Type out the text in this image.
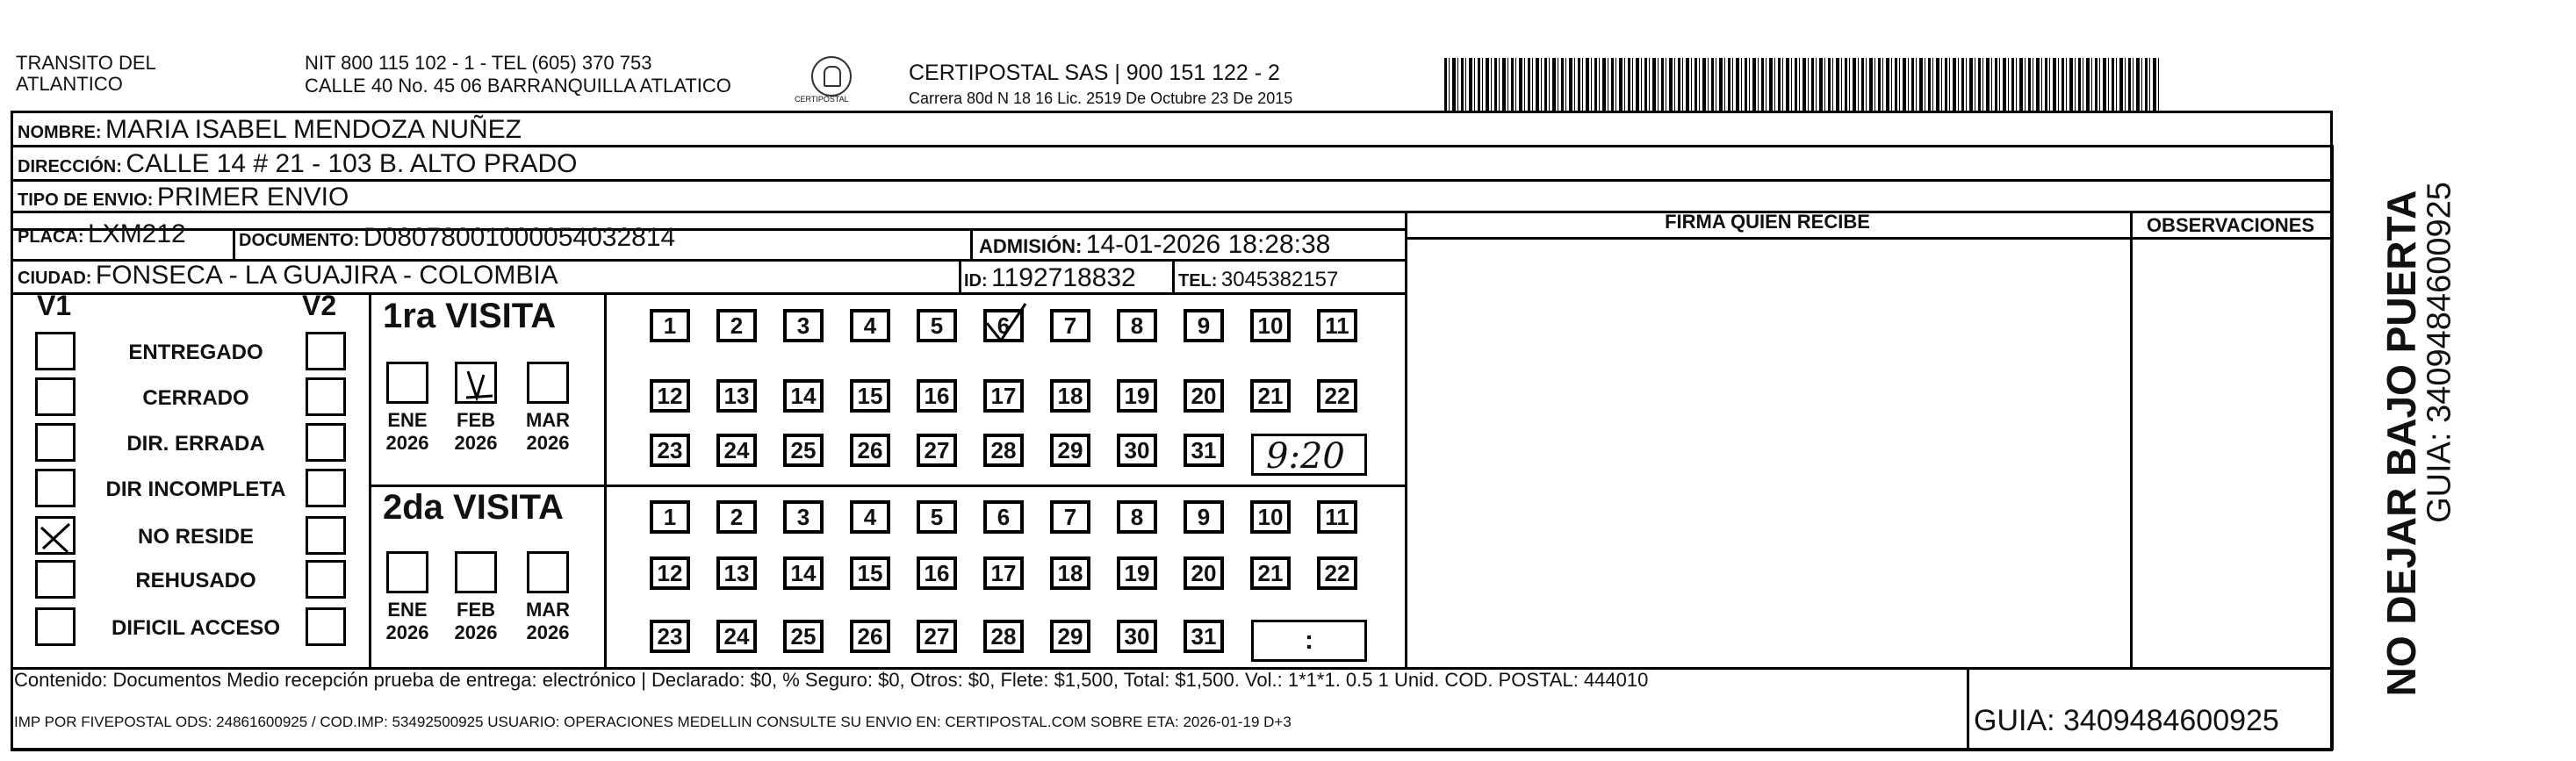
TRANSITO DEL
ATLANTICO
NIT 800 115 102 - 1 - TEL (605) 370 753
CALLE 40 No. 45 06 BARRANQUILLA ATLATICO
CERTIPOSTAL
CERTIPOSTAL SAS | 900 151 122 - 2
Carrera 80d N 18 16 Lic. 2519 De Octubre 23 De 2015
NOMBRE: MARIA ISABEL MENDOZA NUÑEZ
DIRECCIÓN: CALLE 14 # 21 - 103 B. ALTO PRADO
TIPO DE ENVIO: PRIMER ENVIO
PLACA: LXM212	DOCUMENTO: D08078001000054032814	ADMISIÓN: 14-01-2026 18:28:38
CIUDAD: FONSECA - LA GUAJIRA - COLOMBIA	ID: 1192718832 TEL: 3045382157
FIRMA QUIEN RECIBE	OBSERVACIONES
V1	V2
ENTREGADO
CERRADO
DIR. ERRADA
DIR INCOMPLETA
NO RESIDE
REHUSADO
DIFICIL ACCESO
1ra VISITA
2da VISITA
ENE
2026
FEB
2026
MAR
2026
ENE
2026
FEB
2026
MAR
2026
1	2	3	4	5	6	7	8	9	10	11
12	13	14	15	16	17	18	19	20	21	22
23	24	25	26	27	28	29	30	31
1	2	3	4	5	6	7	8	9	10	11
12	13	14	15	16	17	18	19	20	21	22
23	24	25	26	27	28	29	30	31
9:20
:
Contenido: Documentos Medio recepción prueba de entrega: electrónico | Declarado: $0, % Seguro: $0, Otros: $0, Flete: $1,500, Total: $1,500. Vol.: 1*1*1. 0.5 1 Unid. COD. POSTAL: 444010
IMP POR FIVEPOSTAL ODS: 24861600925 / COD.IMP: 53492500925 USUARIO: OPERACIONES MEDELLIN CONSULTE SU ENVIO EN: CERTIPOSTAL.COM SOBRE ETA: 2026-01-19 D+3	GUIA: 3409484600925
NO DEJAR BAJO PUERTA
GUIA: 3409484600925
